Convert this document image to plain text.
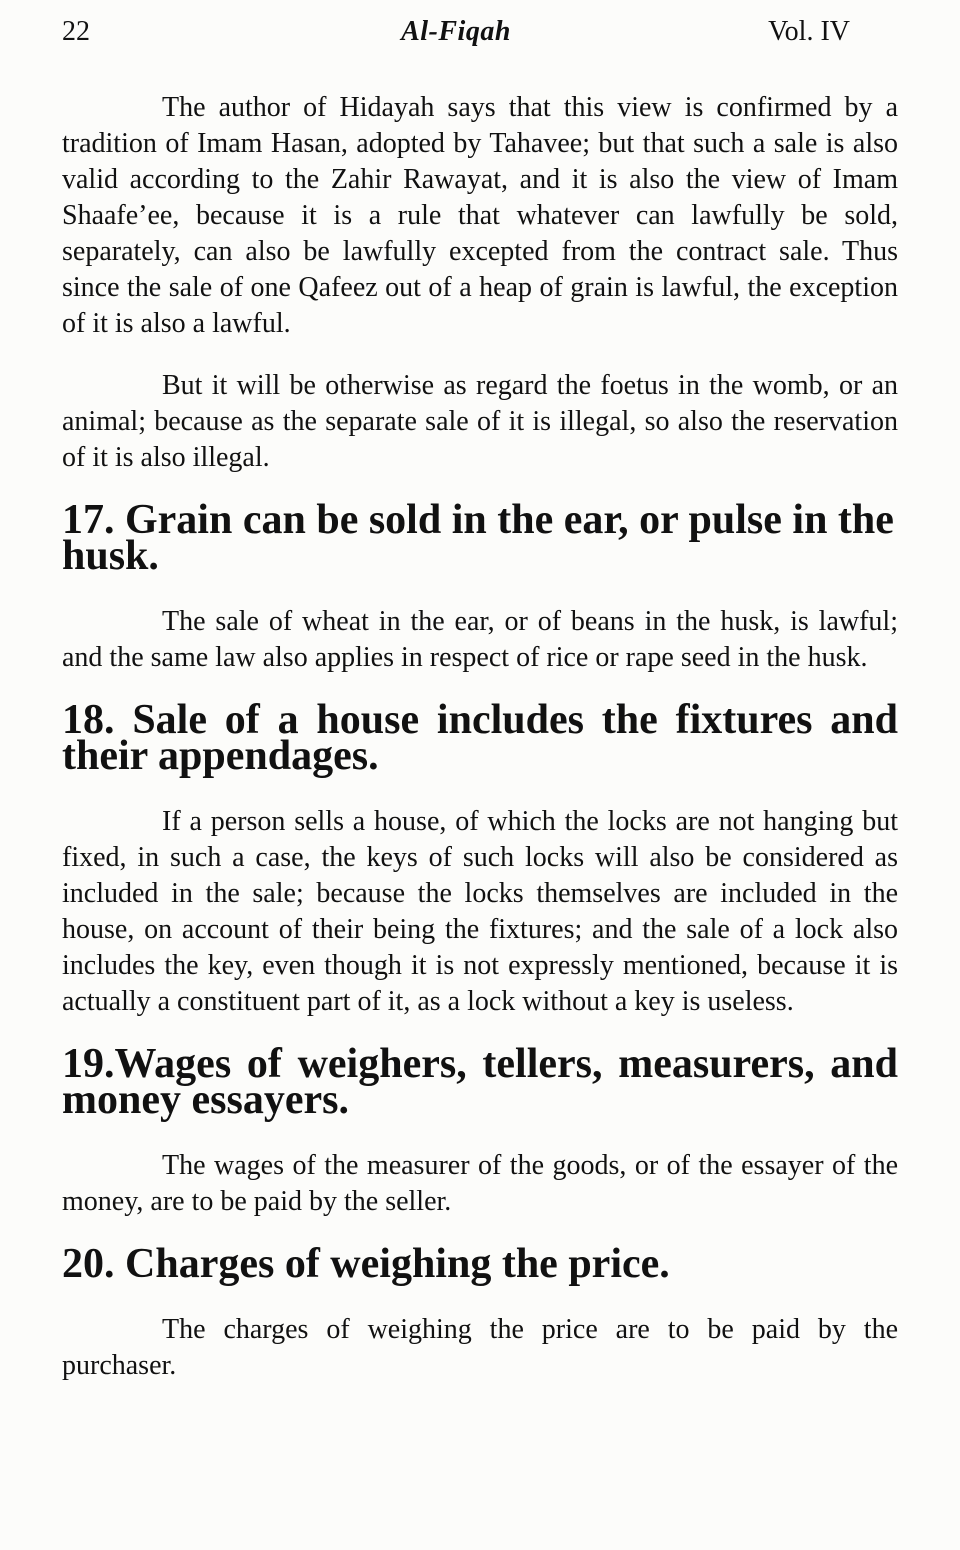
22	Al-Fiqah	Vol. IV

The author of Hidayah says that this view is confirmed by a tradition of Imam Hasan, adopted by Tahavee; but that such a sale is also valid according to the Zahir Rawayat, and it is also the view of Imam Shaafe’ee, because it is a rule that whatever can lawfully be sold, separately, can also be lawfully excepted from the contract sale. Thus since the sale of one Qafeez out of a heap of grain is lawful, the exception of it is also a lawful.

But it will be otherwise as regard the foetus in the womb, or an animal; because as the separate sale of it is illegal, so also the reservation of it is also illegal.

17. Grain can be sold in the ear, or pulse in the husk.

The sale of wheat in the ear, or of beans in the husk, is lawful; and the same law also applies in respect of rice or rape seed in the husk.

18. Sale of a house includes the fixtures and their appendages.

If a person sells a house, of which the locks are not hanging but fixed, in such a case, the keys of such locks will also be considered as included in the sale; because the locks themselves are included in the house, on account of their being the fixtures; and the sale of a lock also includes the key, even though it is not expressly mentioned, because it is actually a constituent part of it, as a lock without a key is useless.

19.Wages of weighers, tellers, measurers, and money essayers.

The wages of the measurer of the goods, or of the essayer of the money, are to be paid by the seller.

20. Charges of weighing the price.

The charges of weighing the price are to be paid by the purchaser.
